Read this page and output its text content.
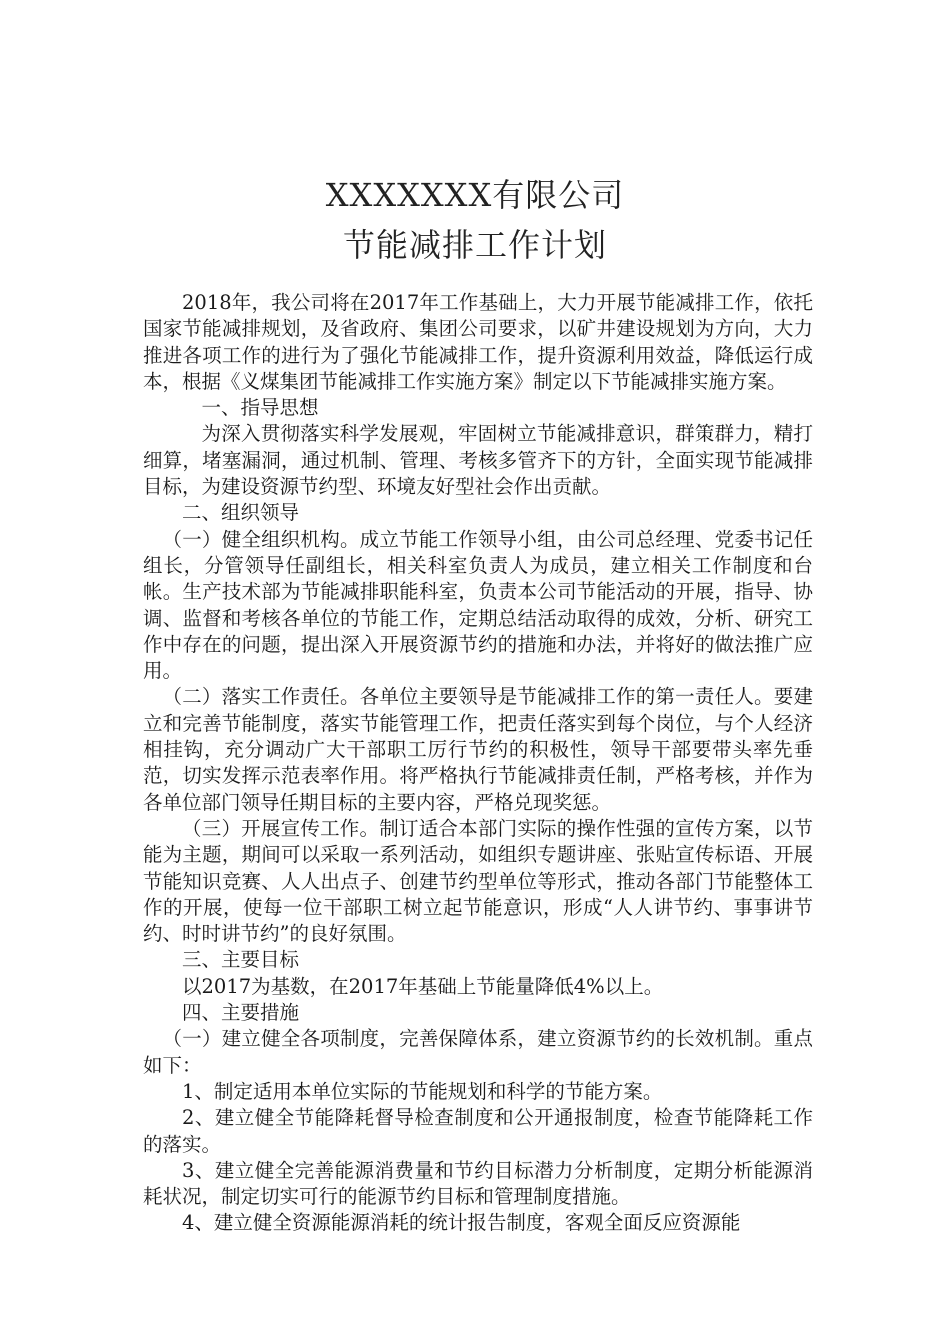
XXXXXXX有限公司
节能减排工作计划

2018年，我公司将在2017年工作基础上，大力开展节能减排工作，依托国家节能减排规划，及省政府、集团公司要求，以矿井建设规划为方向，大力推进各项工作的进行为了强化节能减排工作，提升资源利用效益，降低运行成本，根据《义煤集团节能减排工作实施方案》制定以下节能减排实施方案。

一、指导思想

为深入贯彻落实科学发展观，牢固树立节能减排意识，群策群力，精打细算，堵塞漏洞，通过机制、管理、考核多管齐下的方针，全面实现节能减排目标，为建设资源节约型、环境友好型社会作出贡献。

二、组织领导

（一）健全组织机构。成立节能工作领导小组，由公司总经理、党委书记任组长，分管领导任副组长，相关科室负责人为成员，建立相关工作制度和台帐。生产技术部为节能减排职能科室，负责本公司节能活动的开展，指导、协调、监督和考核各单位的节能工作，定期总结活动取得的成效，分析、研究工作中存在的问题，提出深入开展资源节约的措施和办法，并将好的做法推广应用。

（二）落实工作责任。各单位主要领导是节能减排工作的第一责任人。要建立和完善节能制度，落实节能管理工作，把责任落实到每个岗位，与个人经济相挂钩，充分调动广大干部职工厉行节约的积极性，领导干部要带头率先垂范，切实发挥示范表率作用。将严格执行节能减排责任制，严格考核，并作为各单位部门领导任期目标的主要内容，严格兑现奖惩。

（三）开展宣传工作。制订适合本部门实际的操作性强的宣传方案，以节能为主题，期间可以采取一系列活动，如组织专题讲座、张贴宣传标语、开展节能知识竞赛、人人出点子、创建节约型单位等形式，推动各部门节能整体工作的开展，使每一位干部职工树立起节能意识，形成“人人讲节约、事事讲节约、时时讲节约”的良好氛围。

三、主要目标

以2017为基数，在2017年基础上节能量降低4%以上。

四、主要措施

（一）建立健全各项制度，完善保障体系，建立资源节约的长效机制。重点如下：

1、制定适用本单位实际的节能规划和科学的节能方案。

2、建立健全节能降耗督导检查制度和公开通报制度，检查节能降耗工作的落实。

3、建立健全完善能源消费量和节约目标潜力分析制度，定期分析能源消耗状况，制定切实可行的能源节约目标和管理制度措施。

4、建立健全资源能源消耗的统计报告制度，客观全面反应资源能
